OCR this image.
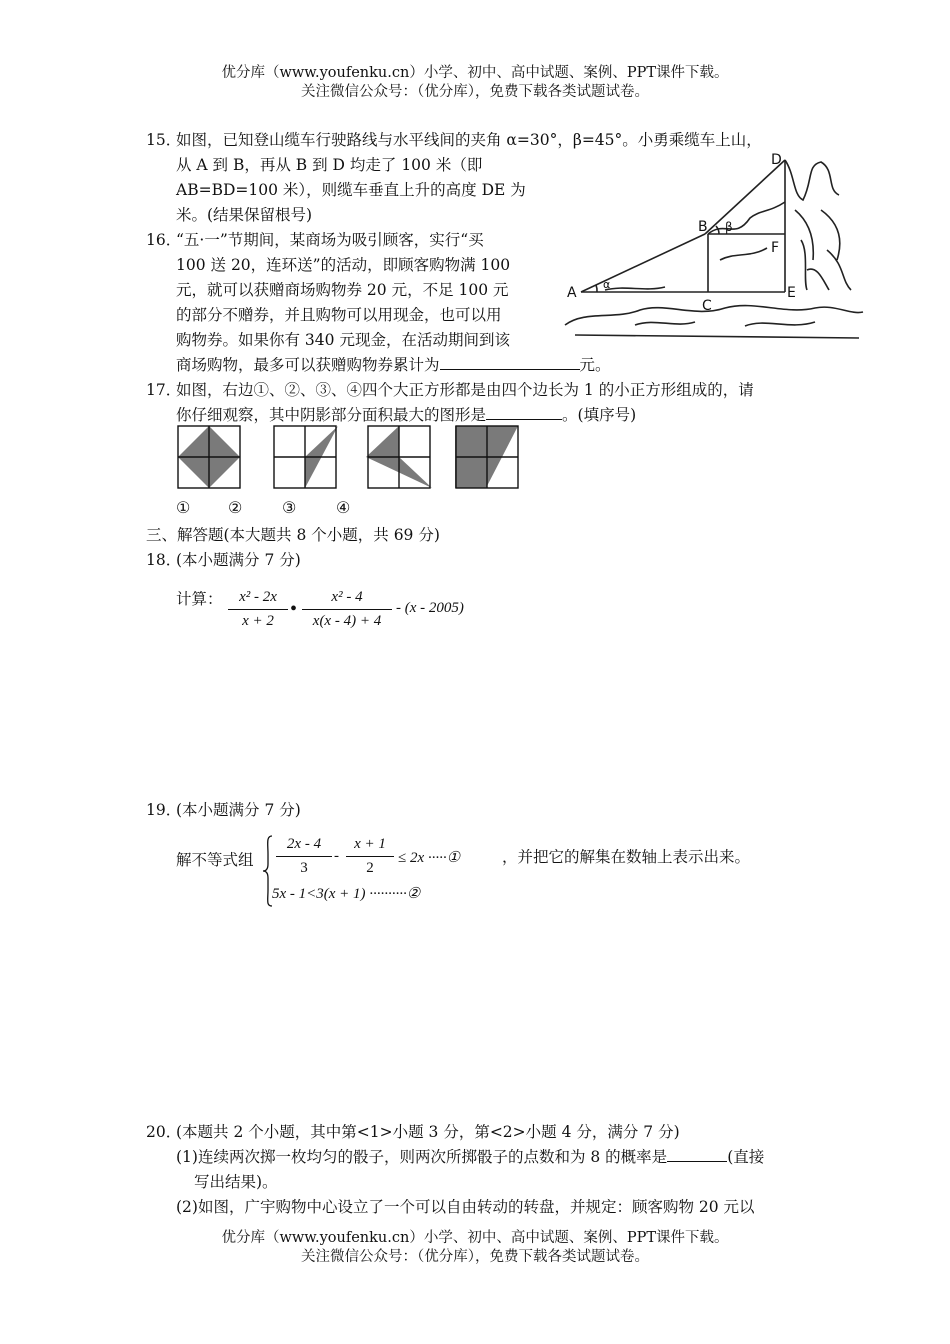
优分库（www.youfenku.cn）小学、初中、高中试题、案例、PPT课件下载。
关注微信公众号：（优分库），免费下载各类试题试卷。
15．如图，已知登山缆车行驶路线与水平线间的夹角 α=30°，β=45°。小勇乘缆车上山，
从 A 到 B，再从 B 到 D 均走了 100 米（即
AB=BD=100 米），则缆车垂直上升的高度 DE 为
米。(结果保留根号)
A
α
B β
D
F
C
E
16．“五·一”节期间，某商场为吸引顾客，实行“买
100 送 20，连环送”的活动，即顾客购物满 100
元，就可以获赠商场购物券 20 元，不足 100 元
的部分不赠券，并且购物可以用现金，也可以用
购物券。如果你有 340 元现金，在活动期间到该
商场购物，最多可以获赠购物券累计为	元。
17．如图，右边①、②、③、④四个大正方形都是由四个边长为 1 的小正方形组成的，请
你仔细观察，其中阴影部分面积最大的图形是	。(填序号)
① ② ③ ④
三、解答题(本大题共 8 个小题，共 69 分)
18．(本小题满分 7 分)
计算：	x² - 2x
x + 2
•
x² - 4
x(x - 4) + 4
- (x - 2005)
19．(本小题满分 7 分)
解不等式组
2x - 4
3
-
x + 1
2
≤ 2x ·····①	，并把它的解集在数轴上表示出来。
5x - 1<3(x + 1) ··········②
20．(本题共 2 个小题，其中第<1>小题 3 分，第<2>小题 4 分，满分 7 分)
(1)连续两次掷一枚均匀的骰子，则两次所掷骰子的点数和为 8 的概率是	(直接
写出结果)。
(2)如图，广宇购物中心设立了一个可以自由转动的转盘，并规定：顾客购物 20 元以
优分库（www.youfenku.cn）小学、初中、高中试题、案例、PPT课件下载。
关注微信公众号：（优分库），免费下载各类试题试卷。
